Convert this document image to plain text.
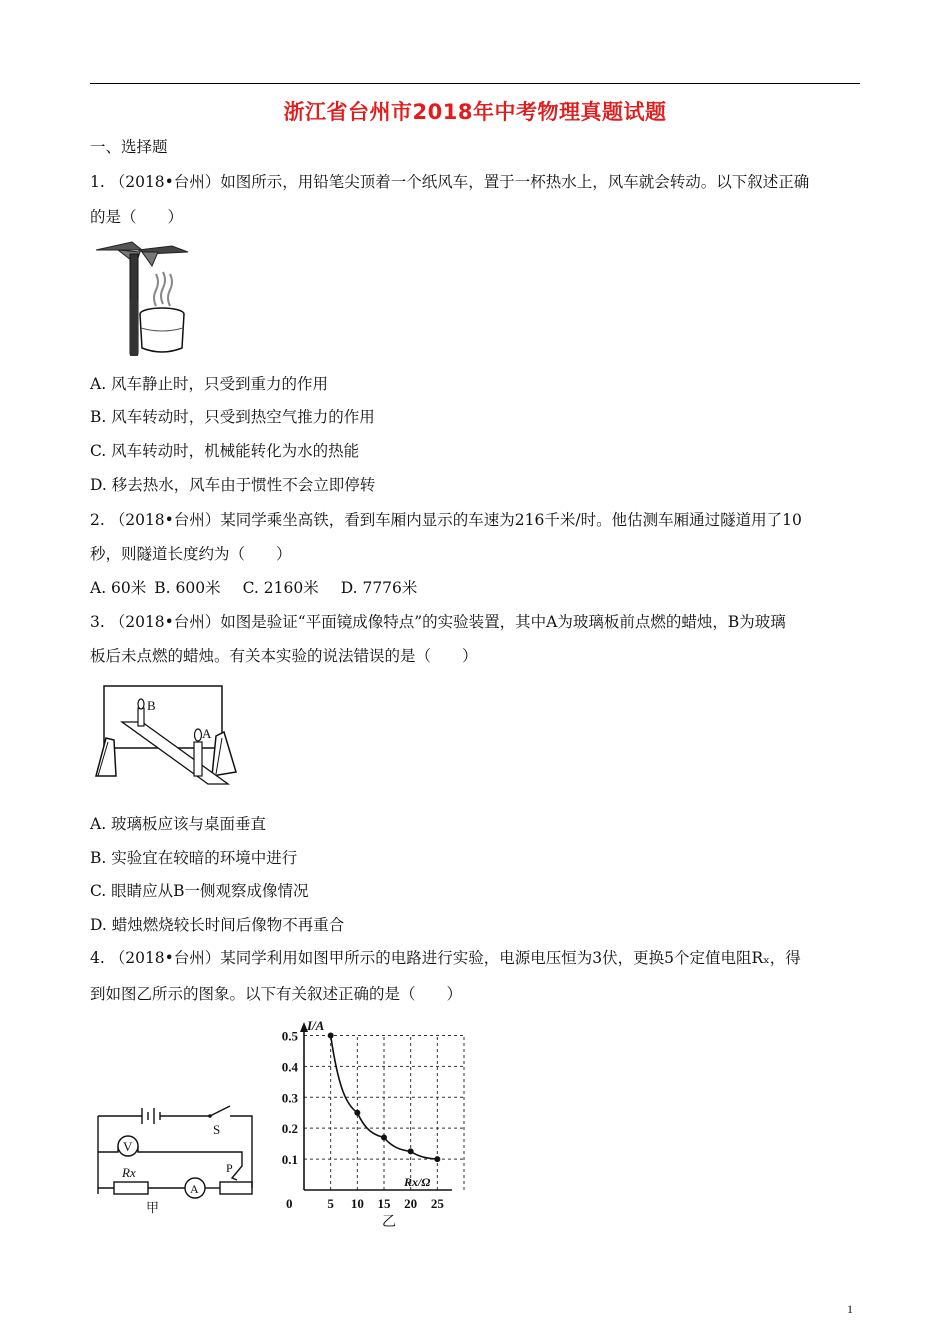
浙江省台州市2018年中考物理真题试题
一、选择题
1. （2018•台州）如图所示，用铅笔尖顶着一个纸风车，置于一杯热水上，风车就会转动。以下叙述正确
的是（　　）
A. 风车静止时，只受到重力的作用
B. 风车转动时，只受到热空气推力的作用
C. 风车转动时，机械能转化为水的热能
D. 移去热水，风车由于惯性不会立即停转
2. （2018•台州）某同学乘坐高铁，看到车厢内显示的车速为216千米/时。他估测车厢通过隧道用了10
秒，则隧道长度约为（　　）
A. 60米 B. 600米 C. 2160米 D. 7776米
3. （2018•台州）如图是验证“平面镜成像特点”的实验装置，其中A为玻璃板前点燃的蜡烛，B为玻璃
板后未点燃的蜡烛。有关本实验的说法错误的是（　　）
B
A
A. 玻璃板应该与桌面垂直
B. 实验宜在较暗的环境中进行
C. 眼睛应从B一侧观察成像情况
D. 蜡烛燃烧较长时间后像物不再重合
4. （2018•台州）某同学利用如图甲所示的电路进行实验，电源电压恒为3伏，更换5个定值电阻Rₓ，得
到如图乙所示的图象。以下有关叙述正确的是（　　）
V
A
S
Rx	P
甲	5 10 15 20 25
0.5
0.4
0.3
0.2
0.1
0
I/A
Rx/Ω
乙
1
